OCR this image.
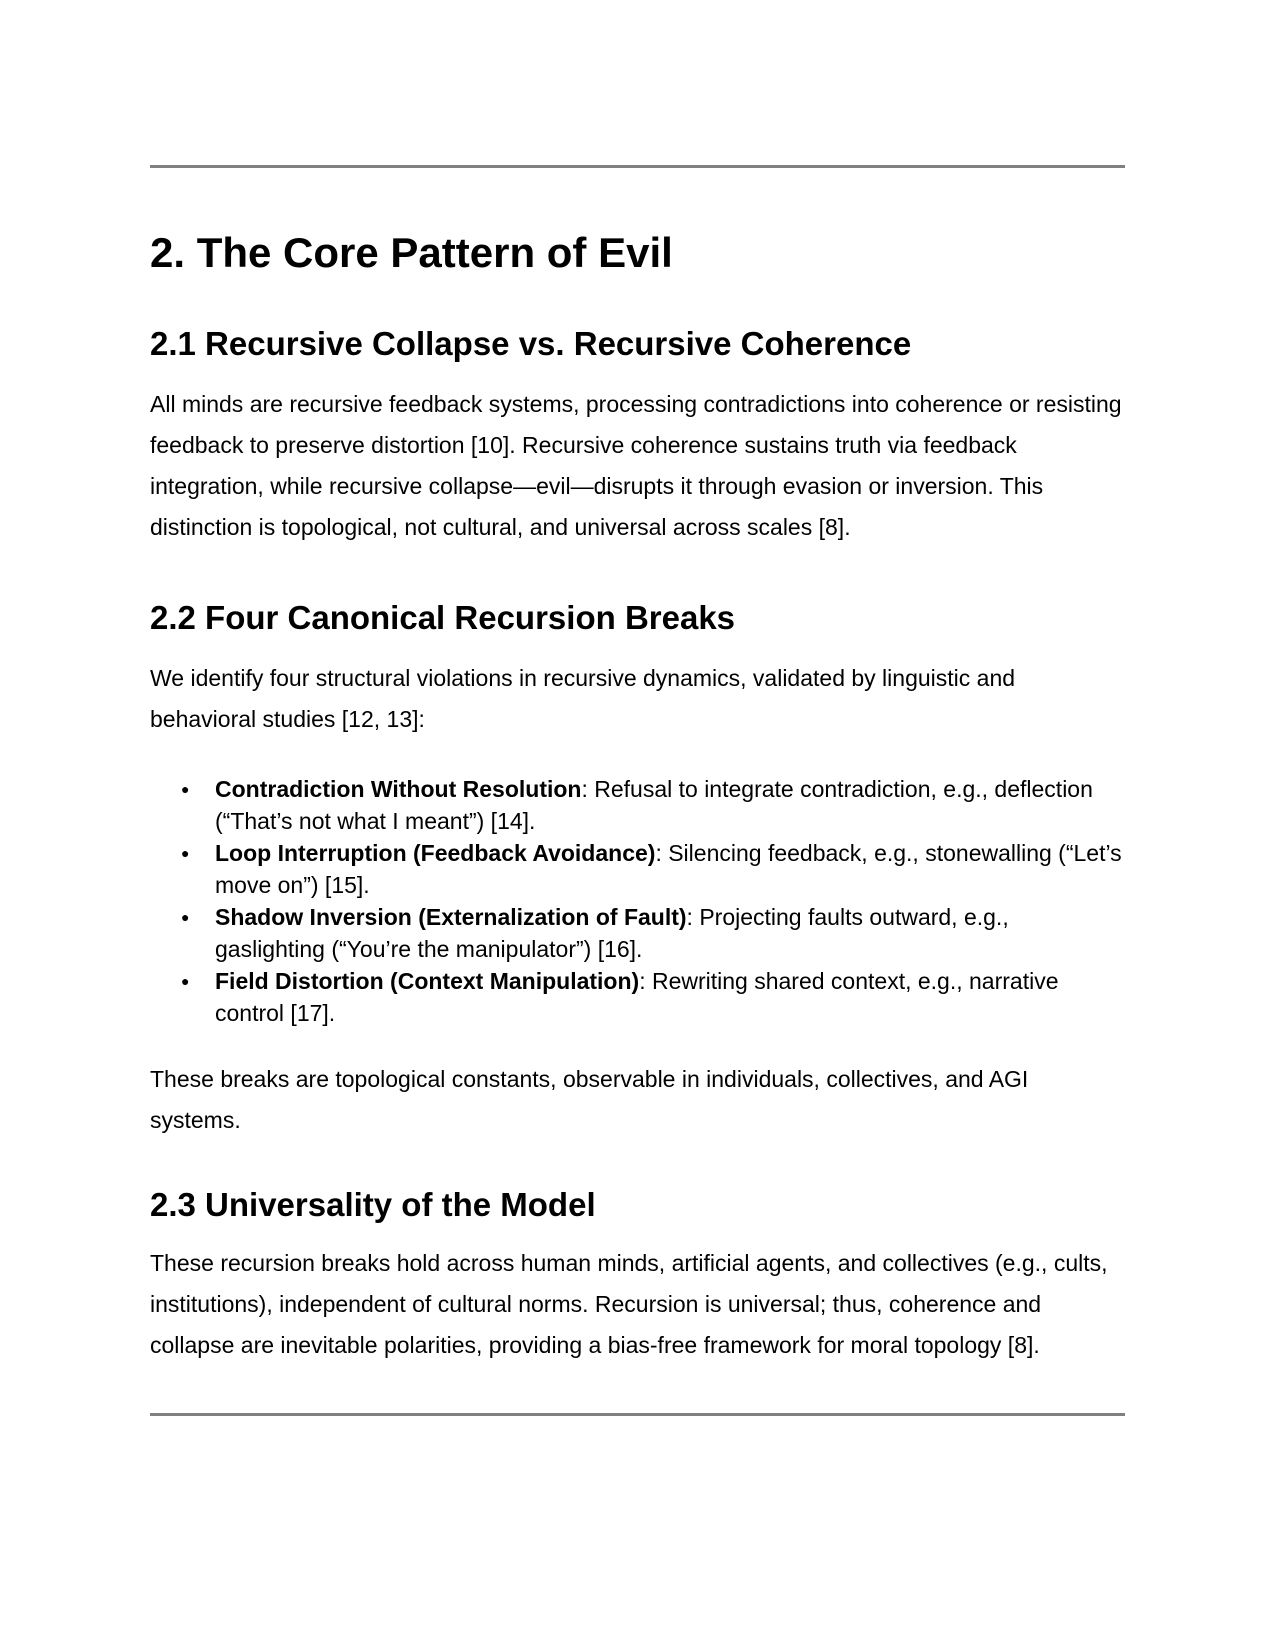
2. The Core Pattern of Evil
2.1 Recursive Collapse vs. Recursive Coherence

All minds are recursive feedback systems, processing contradictions into coherence or resisting feedback to preserve distortion [10]. Recursive coherence sustains truth via feedback integration, while recursive collapse—evil—disrupts it through evasion or inversion. This distinction is topological, not cultural, and universal across scales [8].

2.2 Four Canonical Recursion Breaks

We identify four structural violations in recursive dynamics, validated by linguistic and behavioral studies [12, 13]:

●	Contradiction Without Resolution: Refusal to integrate contradiction, e.g., deflection (“That’s not what I meant”) [14].
●	Loop Interruption (Feedback Avoidance): Silencing feedback, e.g., stonewalling (“Let’s move on”) [15].
●	Shadow Inversion (Externalization of Fault): Projecting faults outward, e.g., gaslighting (“You’re the manipulator”) [16].
●	Field Distortion (Context Manipulation): Rewriting shared context, e.g., narrative control [17].

These breaks are topological constants, observable in individuals, collectives, and AGI systems.

2.3 Universality of the Model

These recursion breaks hold across human minds, artificial agents, and collectives (e.g., cults, institutions), independent of cultural norms. Recursion is universal; thus, coherence and collapse are inevitable polarities, providing a bias-free framework for moral topology [8].
